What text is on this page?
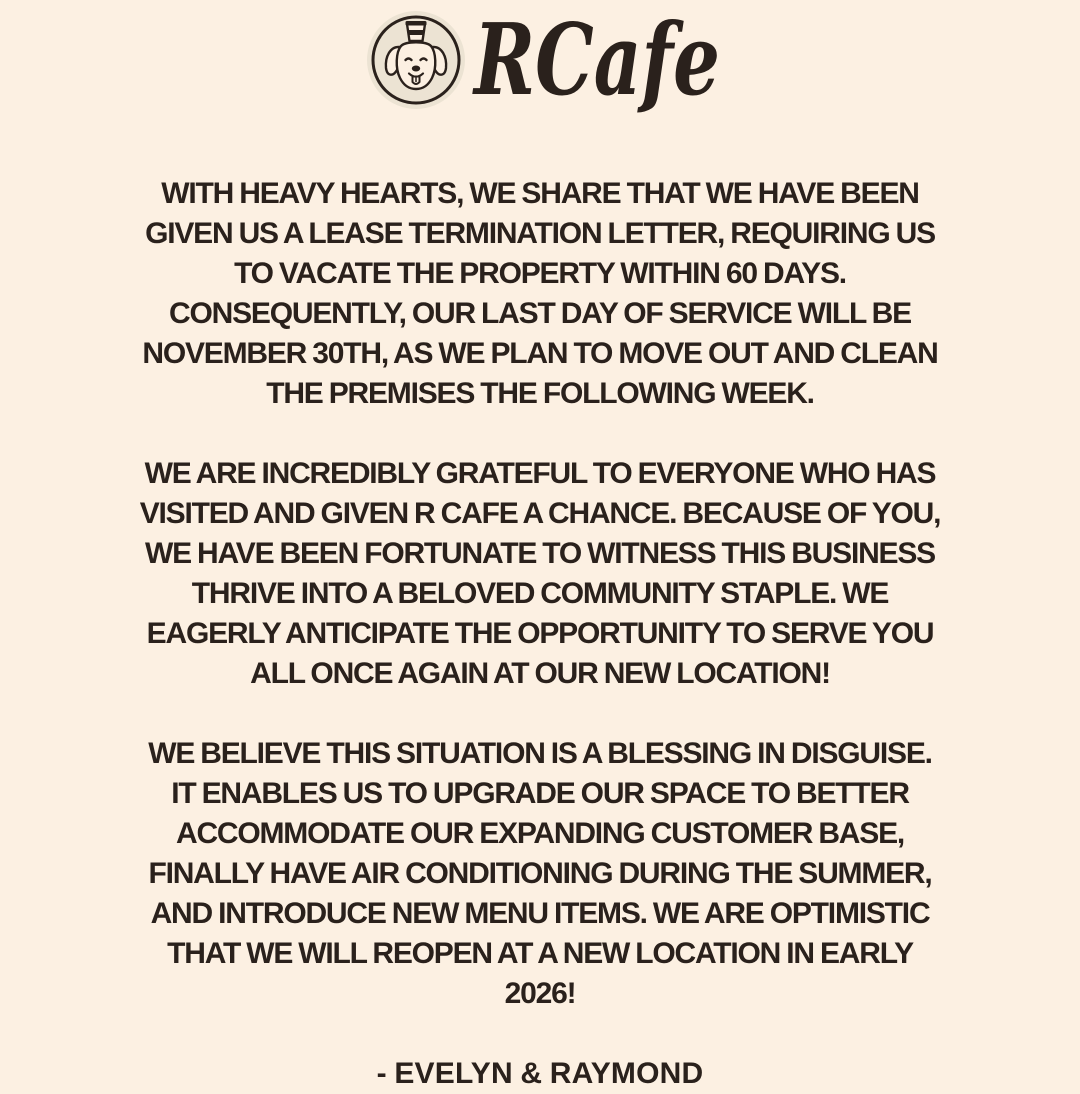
RCafe

WITH HEAVY HEARTS, WE SHARE THAT WE HAVE BEEN
GIVEN US A LEASE TERMINATION LETTER, REQUIRING US
TO VACATE THE PROPERTY WITHIN 60 DAYS.
CONSEQUENTLY, OUR LAST DAY OF SERVICE WILL BE
NOVEMBER 30TH, AS WE PLAN TO MOVE OUT AND CLEAN
THE PREMISES THE FOLLOWING WEEK.

WE ARE INCREDIBLY GRATEFUL TO EVERYONE WHO HAS
VISITED AND GIVEN R CAFE A CHANCE. BECAUSE OF YOU,
WE HAVE BEEN FORTUNATE TO WITNESS THIS BUSINESS
THRIVE INTO A BELOVED COMMUNITY STAPLE. WE
EAGERLY ANTICIPATE THE OPPORTUNITY TO SERVE YOU
ALL ONCE AGAIN AT OUR NEW LOCATION!

WE BELIEVE THIS SITUATION IS A BLESSING IN DISGUISE.
IT ENABLES US TO UPGRADE OUR SPACE TO BETTER
ACCOMMODATE OUR EXPANDING CUSTOMER BASE,
FINALLY HAVE AIR CONDITIONING DURING THE SUMMER,
AND INTRODUCE NEW MENU ITEMS. WE ARE OPTIMISTIC
THAT WE WILL REOPEN AT A NEW LOCATION IN EARLY
2026!

- EVELYN & RAYMOND
